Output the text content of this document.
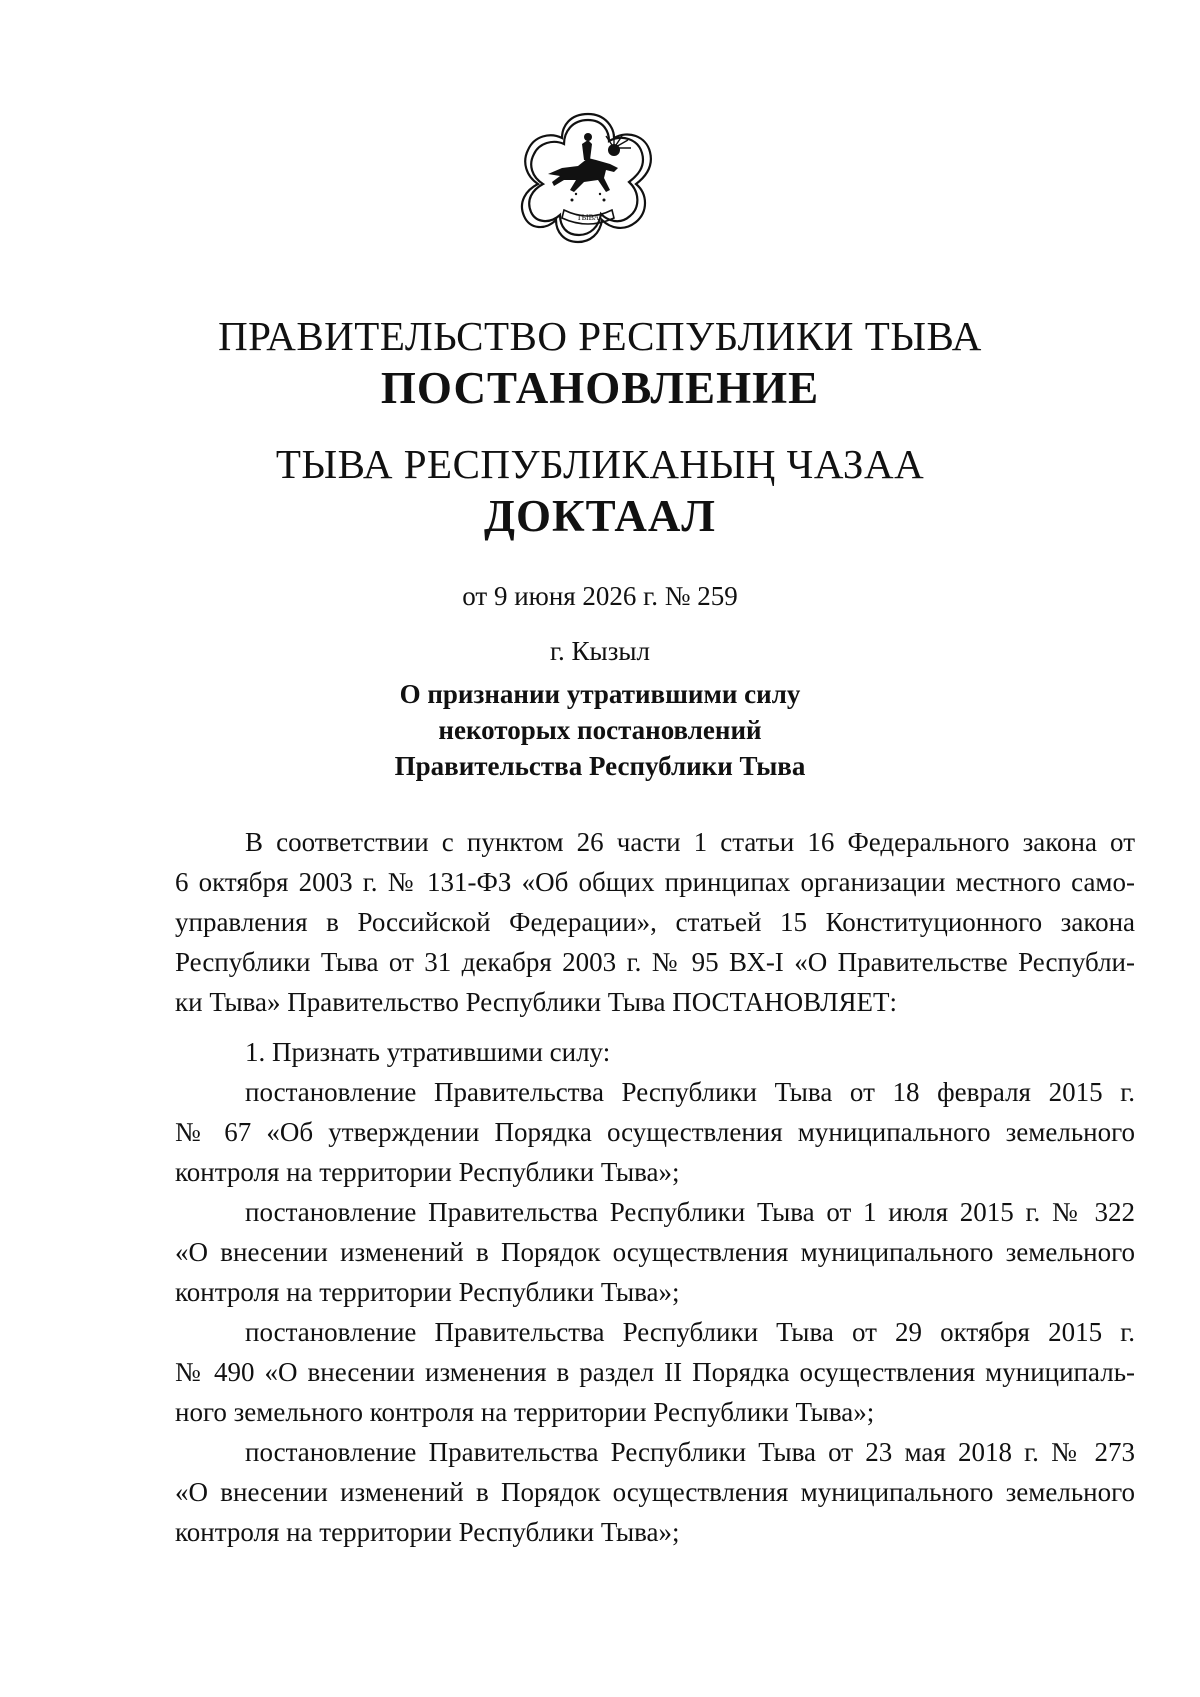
ТЫВА
ПРАВИТЕЛЬСТВО РЕСПУБЛИКИ ТЫВА
ПОСТАНОВЛЕНИЕ
ТЫВА РЕСПУБЛИКАНЫҢ ЧАЗАА
ДОКТААЛ
от 9 июня 2026 г. № 259
г. Кызыл
О признании утратившими силу
некоторых постановлений
Правительства Республики Тыва
В соответствии с пунктом 26 части 1 статьи 16 Федерального закона от
6 октября 2003 г. № 131-ФЗ «Об общих принципах организации местного само-
управления в Российской Федерации», статьей 15 Конституционного закона
Республики Тыва от 31 декабря 2003 г. № 95 ВХ-I «О Правительстве Республи-
ки Тыва» Правительство Республики Тыва ПОСТАНОВЛЯЕТ:
1. Признать утратившими силу:
постановление Правительства Республики Тыва от 18 февраля 2015 г.
№ 67 «Об утверждении Порядка осуществления муниципального земельного
контроля на территории Республики Тыва»;
постановление Правительства Республики Тыва от 1 июля 2015 г. № 322
«О внесении изменений в Порядок осуществления муниципального земельного
контроля на территории Республики Тыва»;
постановление Правительства Республики Тыва от 29 октября 2015 г.
№ 490 «О внесении изменения в раздел II Порядка осуществления муниципаль-
ного земельного контроля на территории Республики Тыва»;
постановление Правительства Республики Тыва от 23 мая 2018 г. № 273
«О внесении изменений в Порядок осуществления муниципального земельного
контроля на территории Республики Тыва»;
